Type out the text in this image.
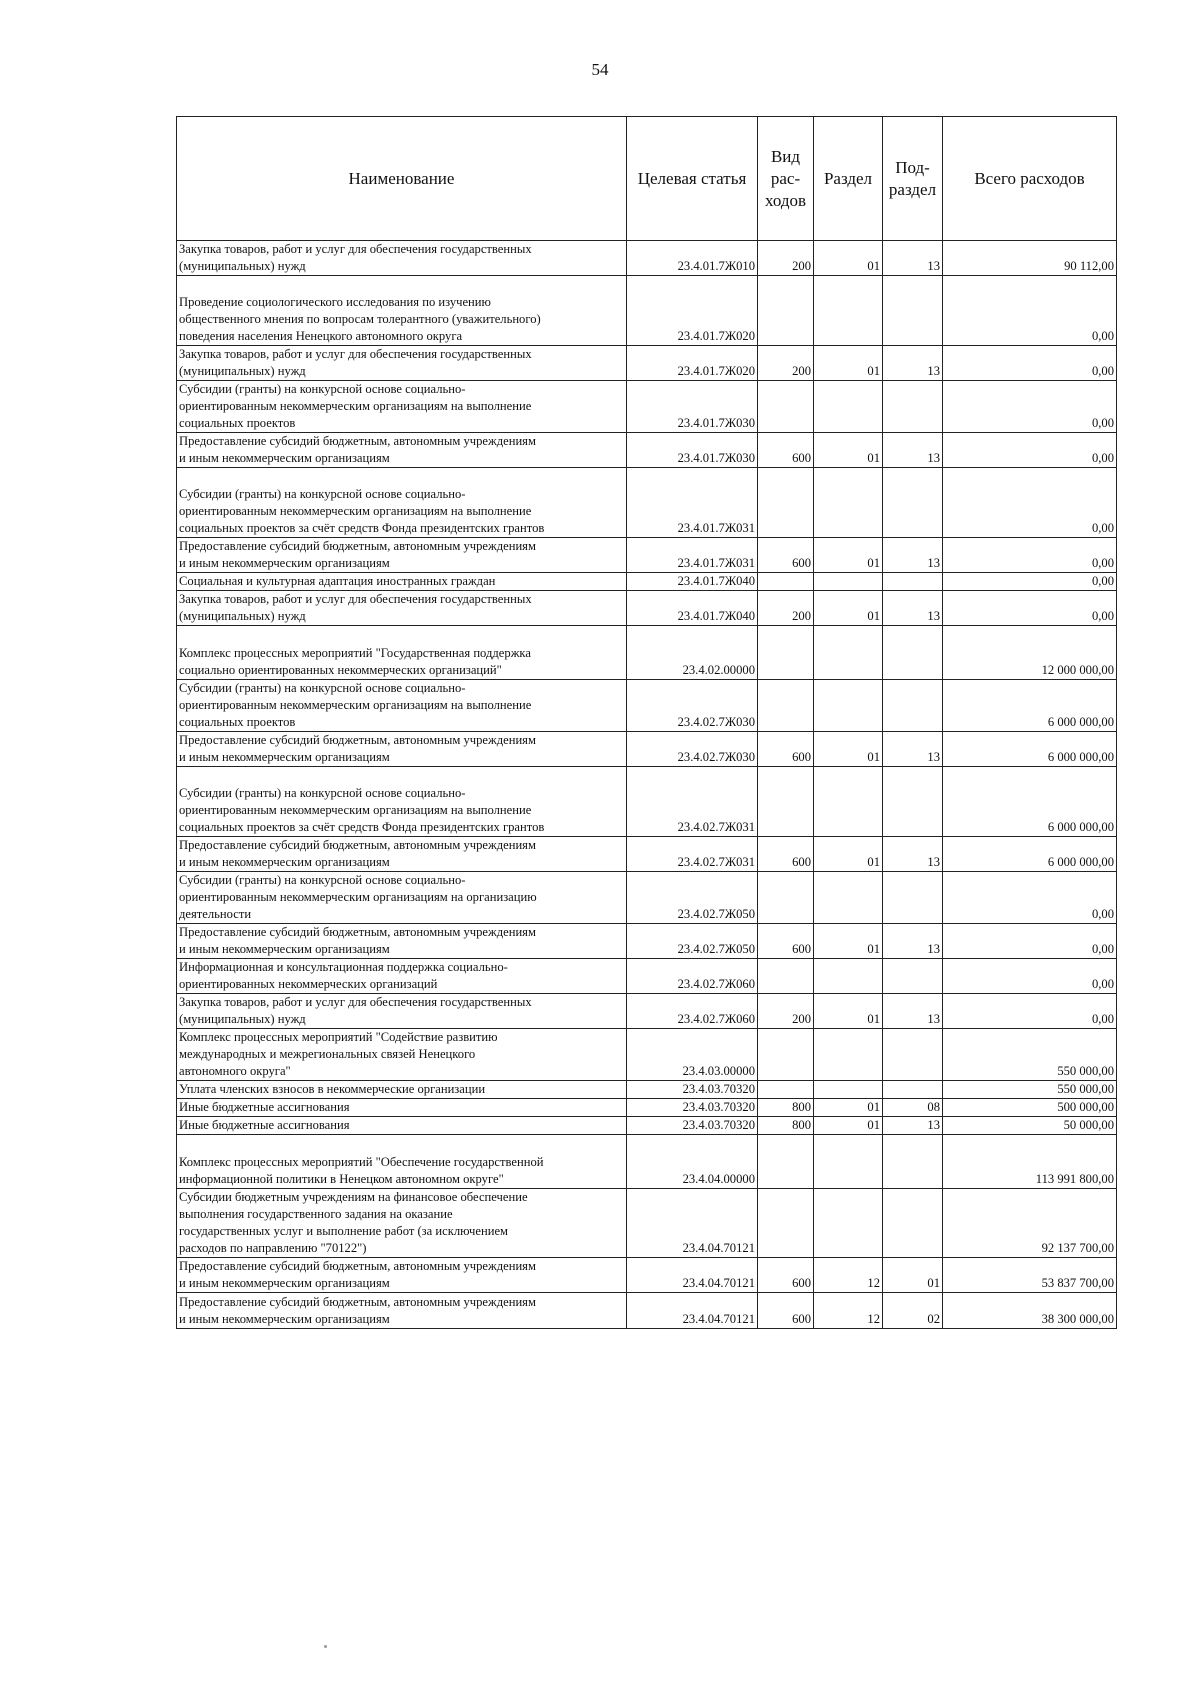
54
Наименование	Целевая статья	Вид рас-ходов	Раздел	Под-раздел	Всего расходов
Закупка товаров, работ и услуг для обеспечения государственных
(муниципальных) нужд	23.4.01.7Ж010	200	01	13	90 112,00
Проведение социологического исследования по изучению
общественного мнения по вопросам толерантного (уважительного)
поведения населения Ненецкого автономного округа	23.4.01.7Ж020				0,00
Закупка товаров, работ и услуг для обеспечения государственных
(муниципальных) нужд	23.4.01.7Ж020	200	01	13	0,00
Субсидии (гранты) на конкурсной основе социально-
ориентированным некоммерческим организациям на выполнение
социальных проектов	23.4.01.7Ж030				0,00
Предоставление субсидий бюджетным, автономным учреждениям
и иным некоммерческим организациям	23.4.01.7Ж030	600	01	13	0,00
Субсидии (гранты) на конкурсной основе социально-
ориентированным некоммерческим организациям на выполнение
социальных проектов за счёт средств Фонда президентских грантов	23.4.01.7Ж031				0,00
Предоставление субсидий бюджетным, автономным учреждениям
и иным некоммерческим организациям	23.4.01.7Ж031	600	01	13	0,00
Социальная и культурная адаптация иностранных граждан	23.4.01.7Ж040				0,00
Закупка товаров, работ и услуг для обеспечения государственных
(муниципальных) нужд	23.4.01.7Ж040	200	01	13	0,00
Комплекс процессных мероприятий "Государственная поддержка
социально ориентированных некоммерческих организаций"	23.4.02.00000				12 000 000,00
Субсидии (гранты) на конкурсной основе социально-
ориентированным некоммерческим организациям на выполнение
социальных проектов	23.4.02.7Ж030				6 000 000,00
Предоставление субсидий бюджетным, автономным учреждениям
и иным некоммерческим организациям	23.4.02.7Ж030	600	01	13	6 000 000,00
Субсидии (гранты) на конкурсной основе социально-
ориентированным некоммерческим организациям на выполнение
социальных проектов за счёт средств Фонда президентских грантов	23.4.02.7Ж031				6 000 000,00
Предоставление субсидий бюджетным, автономным учреждениям
и иным некоммерческим организациям	23.4.02.7Ж031	600	01	13	6 000 000,00
Субсидии (гранты) на конкурсной основе социально-
ориентированным некоммерческим организациям на организацию
деятельности	23.4.02.7Ж050				0,00
Предоставление субсидий бюджетным, автономным учреждениям
и иным некоммерческим организациям	23.4.02.7Ж050	600	01	13	0,00
Информационная и консультационная поддержка социально-
ориентированных некоммерческих организаций	23.4.02.7Ж060				0,00
Закупка товаров, работ и услуг для обеспечения государственных
(муниципальных) нужд	23.4.02.7Ж060	200	01	13	0,00
Комплекс процессных мероприятий "Содействие развитию
международных и межрегиональных связей Ненецкого
автономного округа"	23.4.03.00000				550 000,00
Уплата членских взносов в некоммерческие организации	23.4.03.70320				550 000,00
Иные бюджетные ассигнования	23.4.03.70320	800	01	08	500 000,00
Иные бюджетные ассигнования	23.4.03.70320	800	01	13	50 000,00
Комплекс процессных мероприятий "Обеспечение государственной
информационной политики в Ненецком автономном округе"	23.4.04.00000				113 991 800,00
Субсидии бюджетным учреждениям на финансовое обеспечение
выполнения государственного задания на оказание
государственных услуг и выполнение работ (за исключением
расходов по направлению "70122")	23.4.04.70121				92 137 700,00
Предоставление субсидий бюджетным, автономным учреждениям
и иным некоммерческим организациям	23.4.04.70121	600	12	01	53 837 700,00
Предоставление субсидий бюджетным, автономным учреждениям
и иным некоммерческим организациям	23.4.04.70121	600	12	02	38 300 000,00
